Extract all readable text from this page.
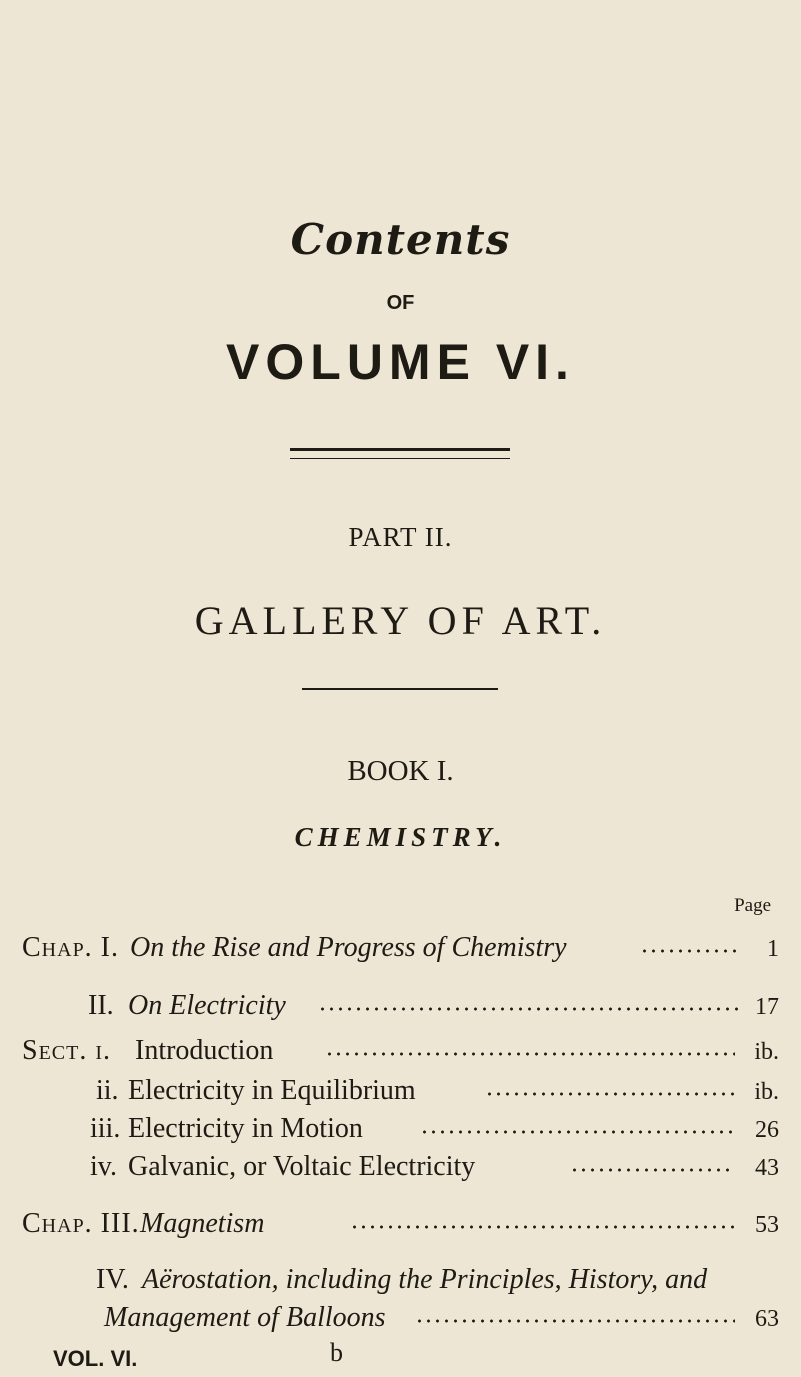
Contents
OF
VOLUME VI.
PART II.
GALLERY OF ART.
BOOK I.
CHEMISTRY.
Page
Chap. I. On the Rise and Progress of Chemistry	1
II. On Electricity	17
Sect. i. Introduction	ib.
ii. Electricity in Equilibrium	ib.
iii. Electricity in Motion	26
iv. Galvanic, or Voltaic Electricity	43
Chap. III. Magnetism	53
IV. Aërostation, including the Principles, History, and
Management of Balloons	63
VOL. VI.	b
